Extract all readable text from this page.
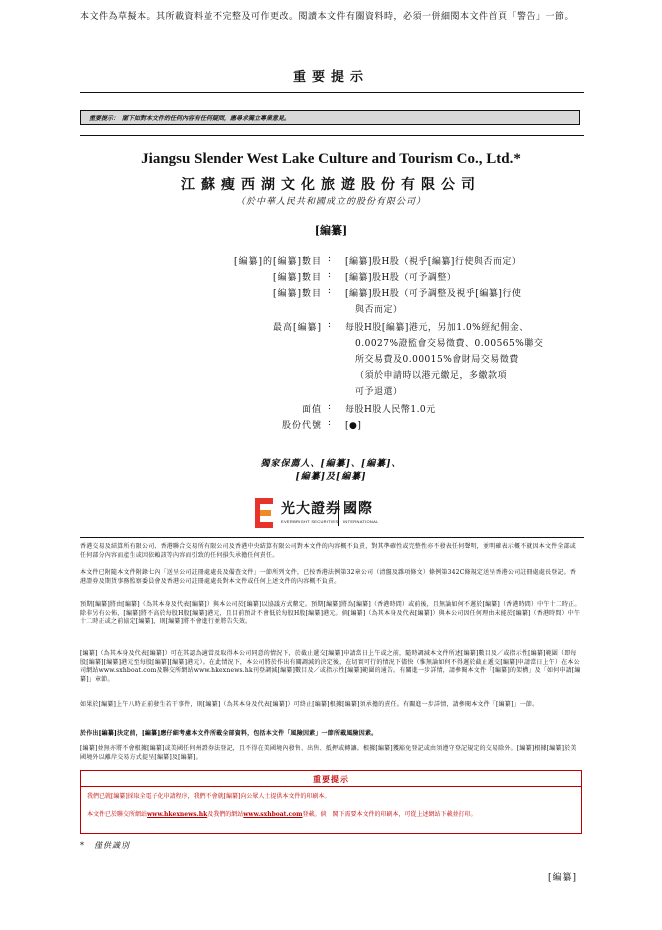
本文件為草擬本。其所載資料並不完整及可作更改。閱讀本文件有關資料時，必須一併細閱本文件首頁「警告」一節。
重要提示
重要提示：　閣下如對本文件的任何內容有任何疑問，應尋求獨立專業意見。
Jiangsu Slender West Lake Culture and Tourism Co., Ltd.*
江蘇瘦西湖文化旅遊股份有限公司
（於中華人民共和國成立的股份有限公司）
[編纂]
[編纂]的[編纂]數目 : [編纂]股H股（視乎[編纂]行使與否而定）
[編纂]數目 : [編纂]股H股（可予調整）
[編纂]數目 : [編纂]股H股（可予調整及視乎[編纂]行使
與否而定）
最高[編纂] : 每股H股[編纂]港元，另加1.0%經紀佣金、
0.0027%證監會交易徵費、0.00565%聯交
所交易費及0.00015%會財局交易徵費
（須於申請時以港元繳足，多繳款項
可予退還）
面值 : 每股H股人民幣1.0元
股份代號 : [●]
獨家保薦人、[編纂]、[編纂]、
[編纂]及[編纂]
光大證券
EVERBRIGHT SECURITIES
國際
INTERNATIONAL
香港交易及結算所有限公司、香港聯合交易所有限公司及香港中央結算有限公司對本文件的內容概不負責，對其準確性或完整性亦不發表任何聲明，並明確表示概不就因本文件全部或任何部分內容而產生或因依賴該等內容而引致的任何損失承擔任何責任。
本文件已附隨本文件附錄七內「送呈公司註冊處處長及備查文件」一節所列文件，已按香港法例第32章公司（清盤及雜項條文）條例第342C條規定送呈香港公司註冊處處長登記。香港證券及期貨事務監察委員會及香港公司註冊處處長對本文件或任何上述文件的內容概不負責。
預期[編纂]將由[編纂]（為其本身及代表[編纂]）與本公司於[編纂]以協議方式釐定。預期[編纂]將為[編纂]（香港時間）或前後，且無論如何不遲於[編纂]（香港時間）中午十二時正。除非另有公佈，[編纂]將不高於每股H股[編纂]港元，且目前預計不會低於每股H股[編纂]港元。倘[編纂]（為其本身及代表[編纂]）與本公司因任何理由未能於[編纂]（香港時間）中午十二時正或之前協定[編纂]，則[編纂]將不會進行並將告失效。
[編纂]（為其本身及代表[編纂]）可在其認為適當及取得本公司同意的情況下，於截止遞交[編纂]申請當日上午或之前，隨時調減本文件所述[編纂]數目及／或指示性[編纂]範圍（即每股[編纂][編纂]港元至每股[編纂][編纂]港元）。在此情況下，本公司將於作出有關調減的決定後，在切實可行的情況下儘快（惟無論如何不得遲於截止遞交[編纂]申請當日上午）在本公司網站www.sxhboat.com及聯交所網站www.hkexnews.hk刊登調減[編纂]數目及／或指示性[編纂]範圍的通告。有關進一步詳情，請參閱本文件「[編纂]的架構」及「如何申請[編纂]」章節。
如果於[編纂]上午八時正前發生若干事件，則[編纂]（為其本身及代表[編纂]）可終止[編纂]根據[編纂]須承擔的責任。有關進一步詳情，請參閱本文件「[編纂]」一節。
於作出[編纂]決定前，[編纂]應仔細考慮本文件所載全部資料，包括本文件「風險因素」一節所載風險因素。
[編纂]並無亦將不會根據[編纂]或美國任何州證券法登記，且不得在美國境內發售、出售、抵押或轉讓。根據[編纂]獲豁免登記或由須遵守登記規定的交易除外。[編纂]根據[編纂]於美國境外以離岸交易方式提呈[編纂]及[編纂]。
重要提示
我們已就[編纂]採取全電子化申請程序，我們不會就[編纂]向公眾人士提供本文件的印刷本。
本文件已於聯交所網站www.hkexnews.hk及我們的網站www.sxhboat.com登載。倘　閣下需要本文件的印刷本，可從上述網站下載並打印。
*　僅供識別
[編纂]
